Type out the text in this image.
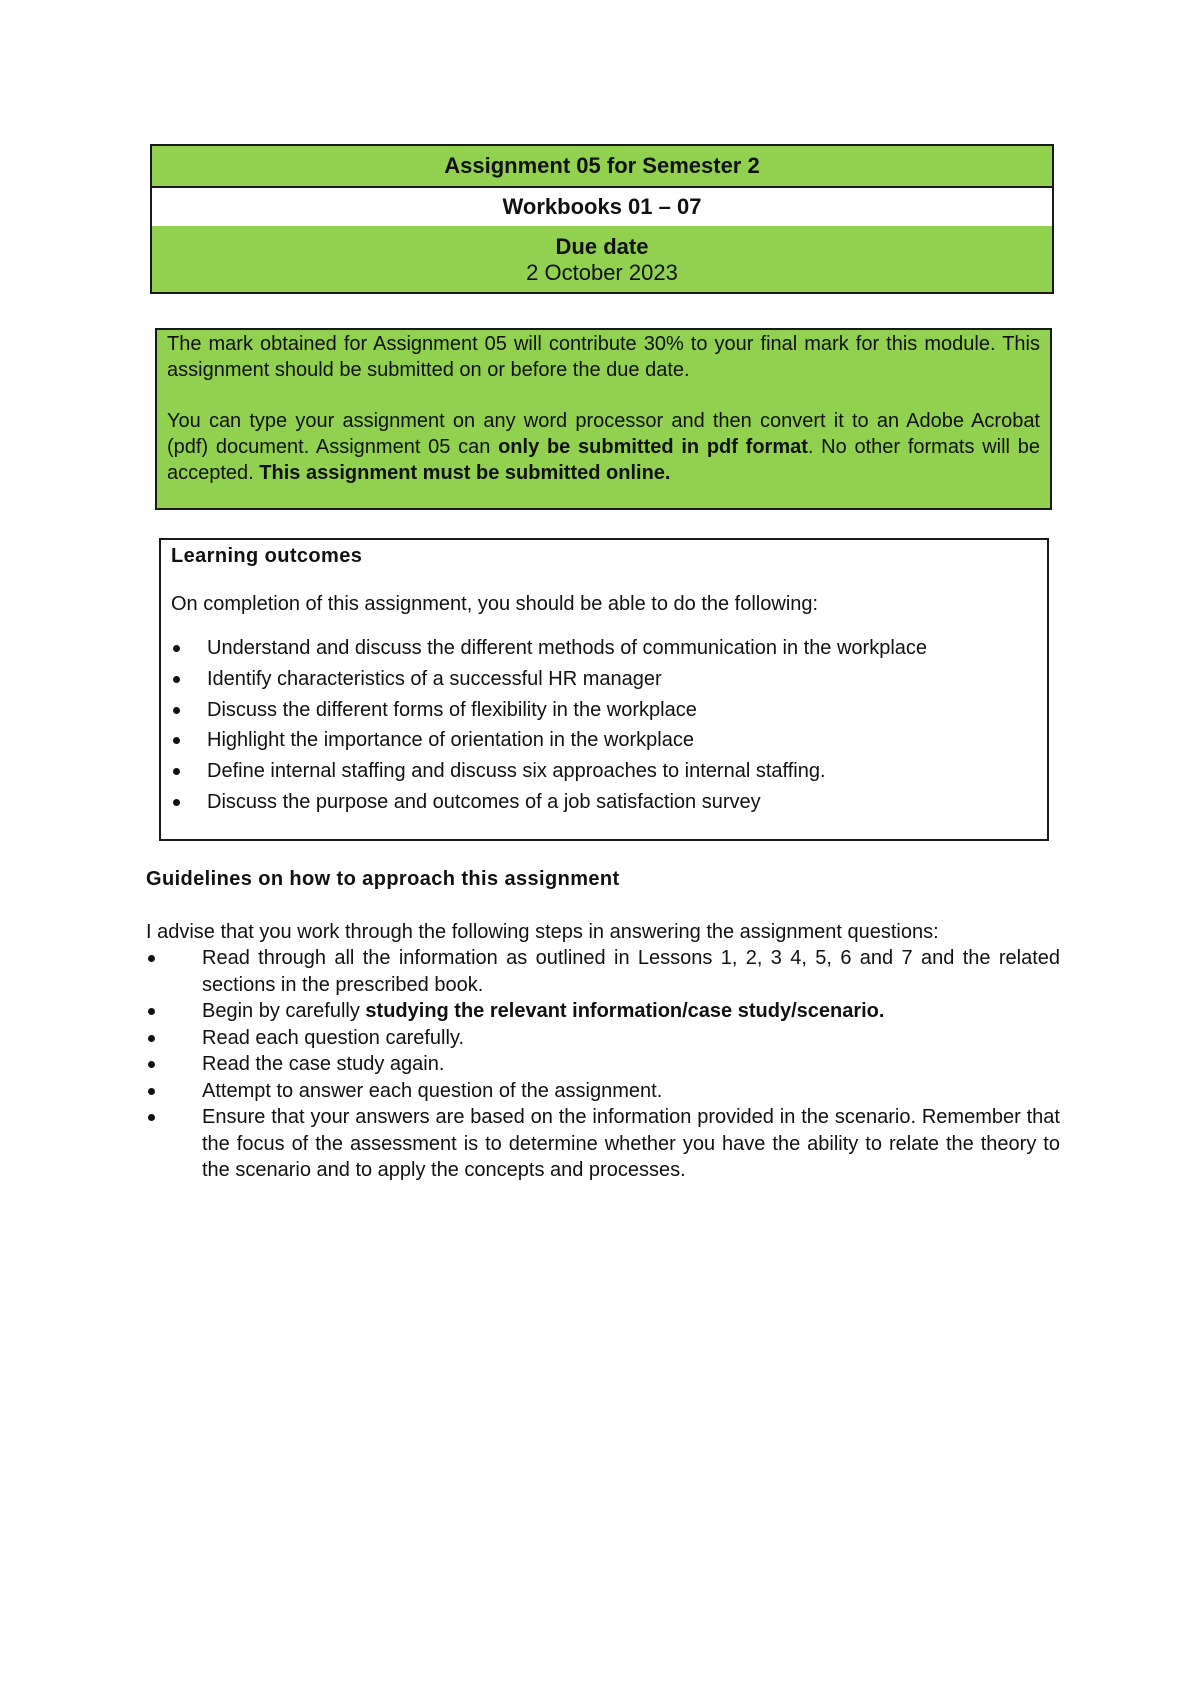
Assignment 05 for Semester 2
Workbooks 01 – 07
Due date
2 October 2023

The mark obtained for Assignment 05 will contribute 30% to your final mark for this module. This assignment should be submitted on or before the due date.

You can type your assignment on any word processor and then convert it to an Adobe Acrobat (pdf) document. Assignment 05 can only be submitted in pdf format. No other formats will be accepted. This assignment must be submitted online.

Learning outcomes
On completion of this assignment, you should be able to do the following:
Understand and discuss the different methods of communication in the workplace
Identify characteristics of a successful HR manager
Discuss the different forms of flexibility in the workplace
Highlight the importance of orientation in the workplace
Define internal staffing and discuss six approaches to internal staffing.
Discuss the purpose and outcomes of a job satisfaction survey
Guidelines on how to approach this assignment
I advise that you work through the following steps in answering the assignment questions:
Read through all the information as outlined in Lessons 1, 2, 3 4, 5, 6 and 7 and the related sections in the prescribed book.
Begin by carefully studying the relevant information/case study/scenario.
Read each question carefully.
Read the case study again.
Attempt to answer each question of the assignment.
Ensure that your answers are based on the information provided in the scenario. Remember that the focus of the assessment is to determine whether you have the ability to relate the theory to the scenario and to apply the concepts and processes.
